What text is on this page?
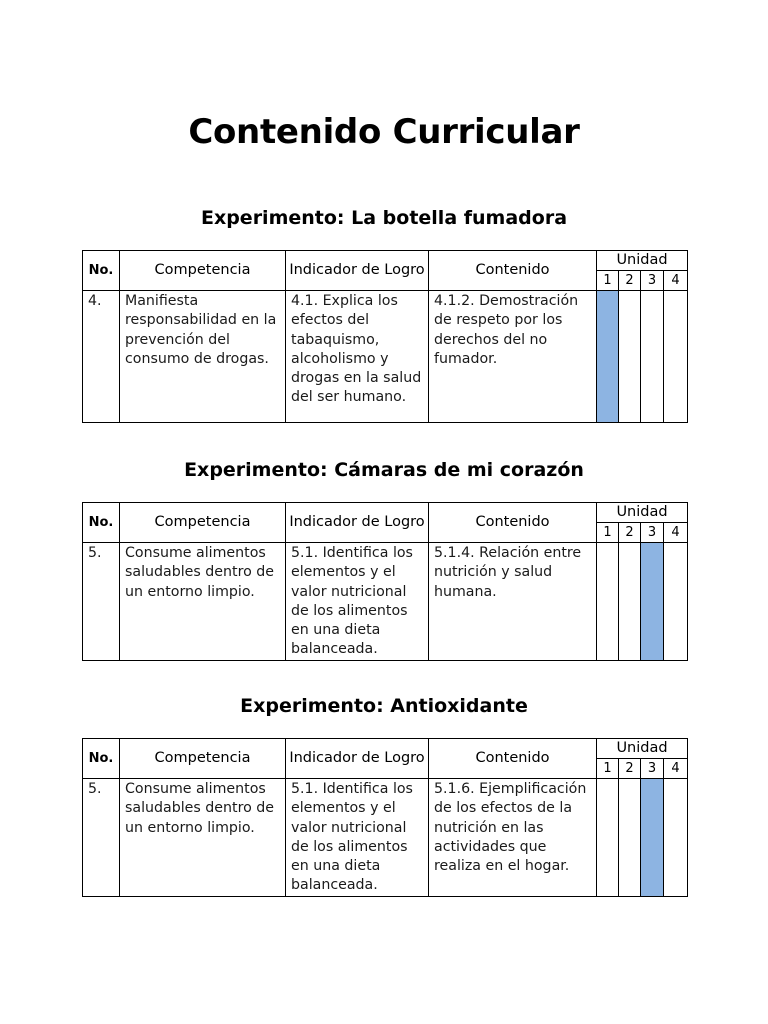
Contenido Curricular
Experimento: La botella fumadora
No.	Competencia	Indicador de Logro	Contenido	Unidad			
				1	2	3	4
4.	Manifiesta responsabilidad en la prevención del consumo de drogas.	4.1. Explica los efectos del tabaquismo, alcoholismo y drogas en la salud del ser humano.	4.1.2. Demostración de respeto por los derechos del no fumador.				
Experimento: Cámaras de mi corazón
No.	Competencia	Indicador de Logro	Contenido	Unidad			
				1	2	3	4
5.	Consume alimentos saludables dentro de un entorno limpio.	5.1. Identifica los elementos y el valor nutricional de los alimentos en una dieta balanceada.	5.1.4. Relación entre nutrición y salud humana.				
Experimento: Antioxidante
No.	Competencia	Indicador de Logro	Contenido	Unidad			
				1	2	3	4
5.	Consume alimentos saludables dentro de un entorno limpio.	5.1. Identifica los elementos y el valor nutricional de los alimentos en una dieta balanceada.	5.1.6. Ejemplificación de los efectos de la nutrición en las actividades que realiza en el hogar.				
